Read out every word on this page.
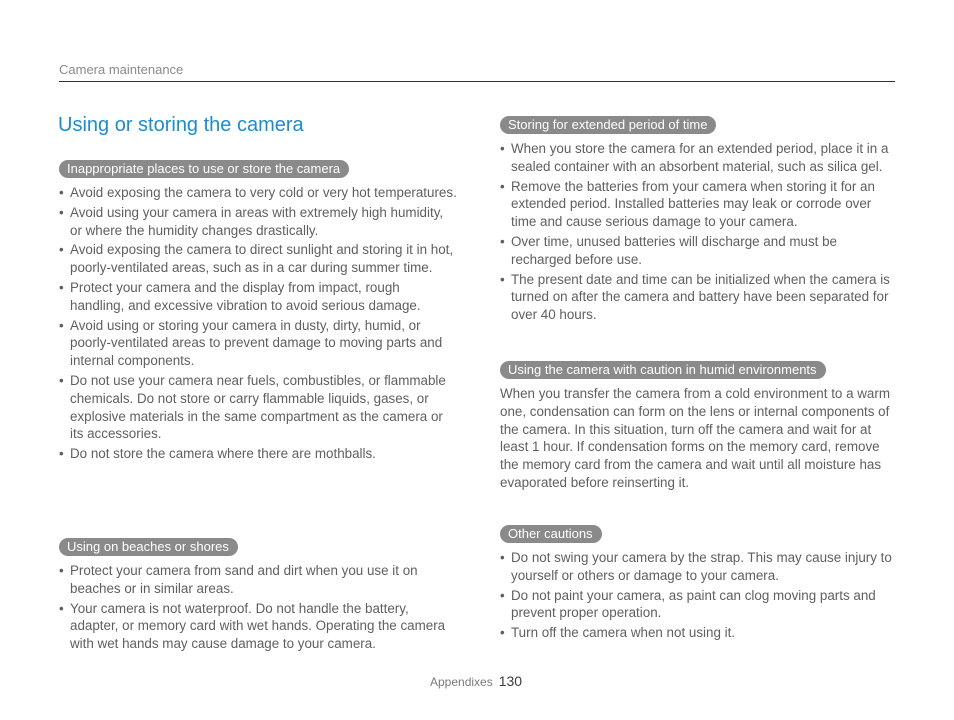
Camera maintenance
Using or storing the camera
Inappropriate places to use or store the camera
• Avoid exposing the camera to very cold or very hot temperatures.
• Avoid using your camera in areas with extremely high humidity, or where the humidity changes drastically.
• Avoid exposing the camera to direct sunlight and storing it in hot, poorly-ventilated areas, such as in a car during summer time.
• Protect your camera and the display from impact, rough handling, and excessive vibration to avoid serious damage.
• Avoid using or storing your camera in dusty, dirty, humid, or poorly-ventilated areas to prevent damage to moving parts and internal components.
• Do not use your camera near fuels, combustibles, or flammable chemicals. Do not store or carry flammable liquids, gases, or explosive materials in the same compartment as the camera or its accessories.
• Do not store the camera where there are mothballs.
Using on beaches or shores
• Protect your camera from sand and dirt when you use it on beaches or in similar areas.
• Your camera is not waterproof. Do not handle the battery, adapter, or memory card with wet hands. Operating the camera with wet hands may cause damage to your camera.
Storing for extended period of time
• When you store the camera for an extended period, place it in a sealed container with an absorbent material, such as silica gel.
• Remove the batteries from your camera when storing it for an extended period. Installed batteries may leak or corrode over time and cause serious damage to your camera.
• Over time, unused batteries will discharge and must be recharged before use.
• The present date and time can be initialized when the camera is turned on after the camera and battery have been separated for over 40 hours.
Using the camera with caution in humid environments

When you transfer the camera from a cold environment to a warm one, condensation can form on the lens or internal components of the camera. In this situation, turn off the camera and wait for at least 1 hour. If condensation forms on the memory card, remove the memory card from the camera and wait until all moisture has evaporated before reinserting it.

Other cautions
• Do not swing your camera by the strap. This may cause injury to yourself or others or damage to your camera.
• Do not paint your camera, as paint can clog moving parts and prevent proper operation.
• Turn off the camera when not using it.
Appendixes 130
